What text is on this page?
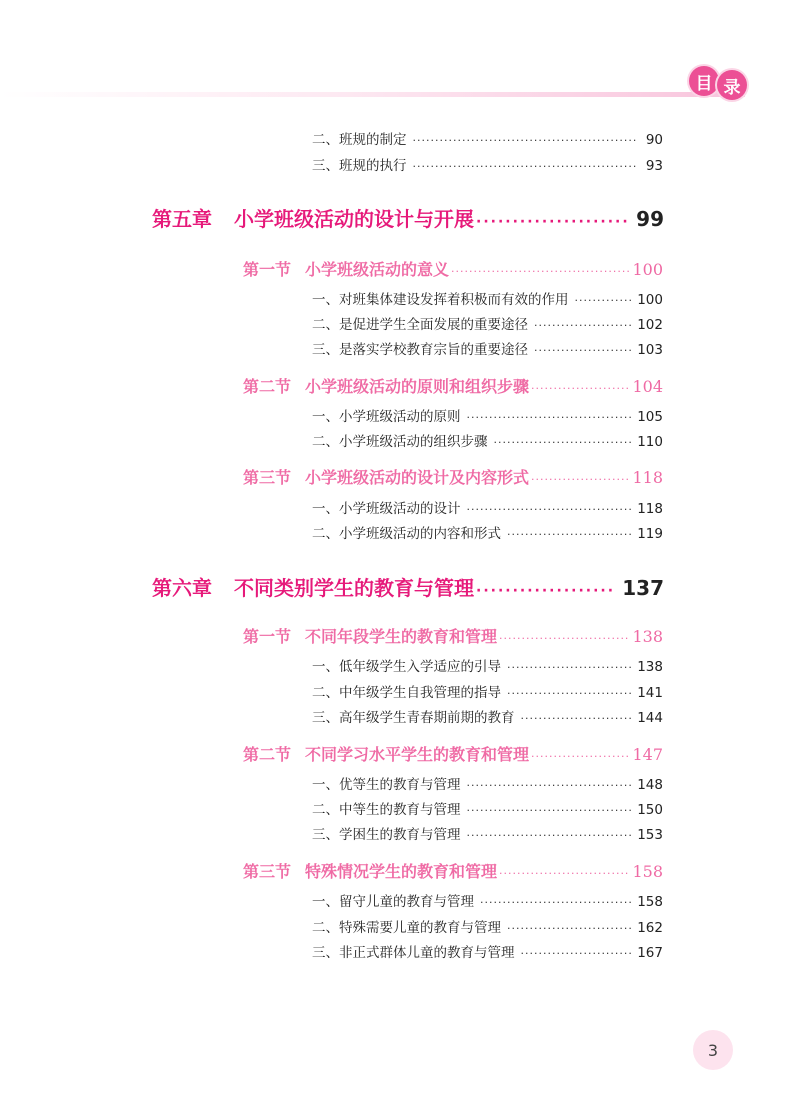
目 录
二、班规的制定 ·····	90
三、班规的执行 ·····	93
第五章 小学班级活动的设计与开展 ·····	99
第一节 小学班级活动的意义 ·····	100
一、对班集体建设发挥着积极而有效的作用 ·····	100
二、是促进学生全面发展的重要途径 ·····	102
三、是落实学校教育宗旨的重要途径 ·····	103
第二节 小学班级活动的原则和组织步骤 ·····	104
一、小学班级活动的原则 ·····	105
二、小学班级活动的组织步骤 ·····	110
第三节 小学班级活动的设计及内容形式 ·····	118
一、小学班级活动的设计 ·····	118
二、小学班级活动的内容和形式 ·····	119
第六章 不同类别学生的教育与管理 ·····	137
第一节 不同年段学生的教育和管理 ·····	138
一、低年级学生入学适应的引导 ·····	138
二、中年级学生自我管理的指导 ·····	141
三、高年级学生青春期前期的教育 ·····	144
第二节 不同学习水平学生的教育和管理 ·····	147
一、优等生的教育与管理 ·····	148
二、中等生的教育与管理 ·····	150
三、学困生的教育与管理 ·····	153
第三节 特殊情况学生的教育和管理 ·····	158
一、留守儿童的教育与管理 ·····	158
二、特殊需要儿童的教育与管理 ·····	162
三、非正式群体儿童的教育与管理 ·····	167
3
